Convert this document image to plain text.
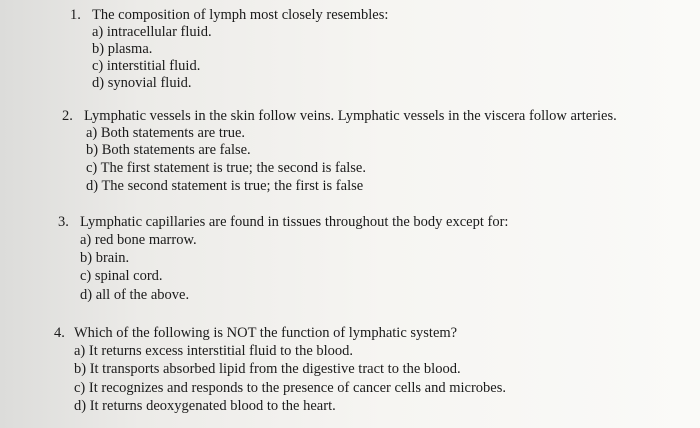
1. The composition of lymph most closely resembles:
a) intracellular fluid.
b) plasma.
c) interstitial fluid.
d) synovial fluid.
2. Lymphatic vessels in the skin follow veins. Lymphatic vessels in the viscera follow arteries.
a) Both statements are true.
b) Both statements are false.
c) The first statement is true; the second is false.
d) The second statement is true; the first is false
3. Lymphatic capillaries are found in tissues throughout the body except for:
a) red bone marrow.
b) brain.
c) spinal cord.
d) all of the above.
4. Which of the following is NOT the function of lymphatic system?
a) It returns excess interstitial fluid to the blood.
b) It transports absorbed lipid from the digestive tract to the blood.
c) It recognizes and responds to the presence of cancer cells and microbes.
d) It returns deoxygenated blood to the heart.
